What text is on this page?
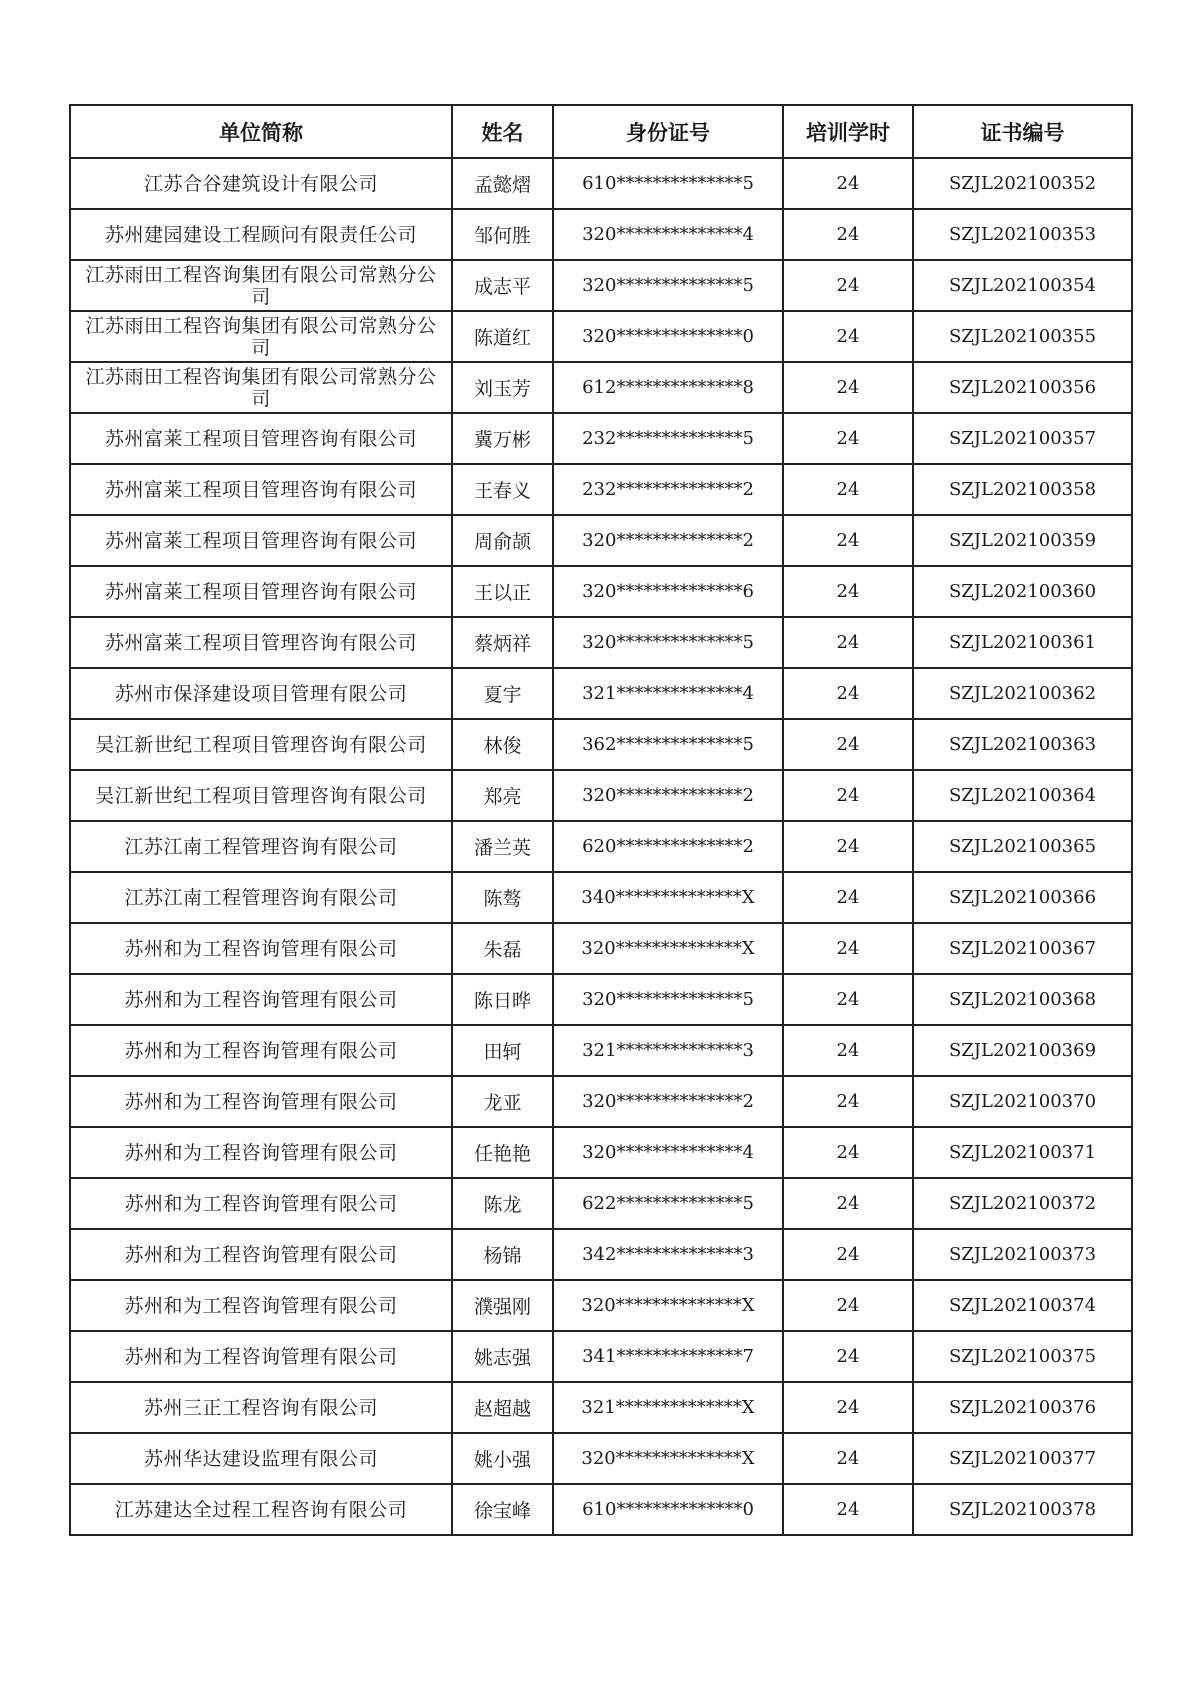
单位简称	姓名	身份证号	培训学时	证书编号
江苏合谷建筑设计有限公司	孟懿熠	610**************5	24	SZJL202100352
苏州建园建设工程顾问有限责任公司	邹何胜	320**************4	24	SZJL202100353
江苏雨田工程咨询集团有限公司常熟分公司	成志平	320**************5	24	SZJL202100354
江苏雨田工程咨询集团有限公司常熟分公司	陈道红	320**************0	24	SZJL202100355
江苏雨田工程咨询集团有限公司常熟分公司	刘玉芳	612**************8	24	SZJL202100356
苏州富莱工程项目管理咨询有限公司	冀万彬	232**************5	24	SZJL202100357
苏州富莱工程项目管理咨询有限公司	王春义	232**************2	24	SZJL202100358
苏州富莱工程项目管理咨询有限公司	周俞颉	320**************2	24	SZJL202100359
苏州富莱工程项目管理咨询有限公司	王以正	320**************6	24	SZJL202100360
苏州富莱工程项目管理咨询有限公司	蔡炳祥	320**************5	24	SZJL202100361
苏州市保泽建设项目管理有限公司	夏宇	321**************4	24	SZJL202100362
吴江新世纪工程项目管理咨询有限公司	林俊	362**************5	24	SZJL202100363
吴江新世纪工程项目管理咨询有限公司	郑亮	320**************2	24	SZJL202100364
江苏江南工程管理咨询有限公司	潘兰英	620**************2	24	SZJL202100365
江苏江南工程管理咨询有限公司	陈骜	340**************X	24	SZJL202100366
苏州和为工程咨询管理有限公司	朱磊	320**************X	24	SZJL202100367
苏州和为工程咨询管理有限公司	陈日晔	320**************5	24	SZJL202100368
苏州和为工程咨询管理有限公司	田轲	321**************3	24	SZJL202100369
苏州和为工程咨询管理有限公司	龙亚	320**************2	24	SZJL202100370
苏州和为工程咨询管理有限公司	任艳艳	320**************4	24	SZJL202100371
苏州和为工程咨询管理有限公司	陈龙	622**************5	24	SZJL202100372
苏州和为工程咨询管理有限公司	杨锦	342**************3	24	SZJL202100373
苏州和为工程咨询管理有限公司	濮强刚	320**************X	24	SZJL202100374
苏州和为工程咨询管理有限公司	姚志强	341**************7	24	SZJL202100375
苏州三正工程咨询有限公司	赵超越	321**************X	24	SZJL202100376
苏州华达建设监理有限公司	姚小强	320**************X	24	SZJL202100377
江苏建达全过程工程咨询有限公司	徐宝峰	610**************0	24	SZJL202100378
